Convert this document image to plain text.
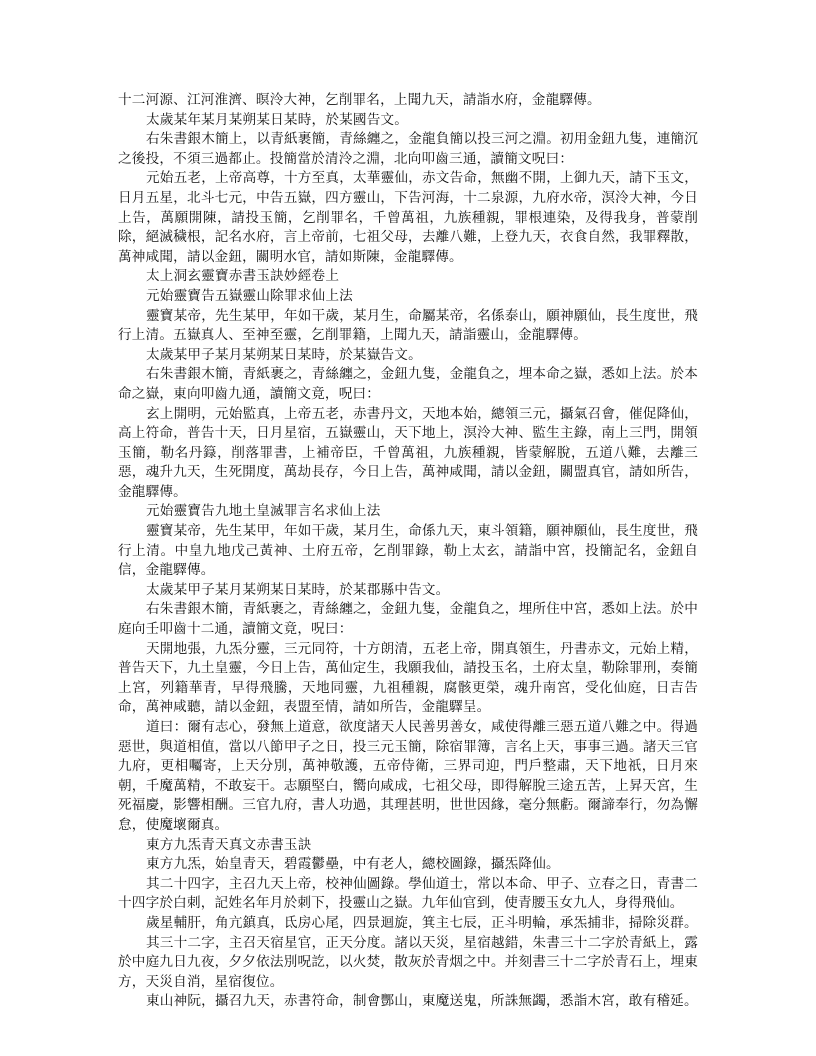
十二河源、江河淮濟、暝泠大神，乞削罪名，上聞九天，請詣水府，金龍驛傳。

太歲某年某月某朔某日某時，於某國告文。

右朱書銀木簡上，以青紙裹簡，青絲纏之，金龍負簡以投三河之淵。初用金鈕九隻，連簡沉之後投，不須三過都止。投簡當於清泠之淵，北向叩齒三通，讀簡文呪曰：

元始五老，上帝高尊，十方至真，太華靈仙，赤文告命，無幽不開，上御九天，請下玉文，日月五星，北斗七元，中告五嶽，四方靈山，下告河海，十二泉源，九府水帝，溟泠大神，今日上告，萬願開陳，請投玉簡，乞削罪名，千曾萬祖，九族種親，罪根連染，及得我身，普蒙削除，絕滅穢根，記名水府，言上帝前，七祖父母，去離八難，上登九天，衣食自然，我罪釋散，萬神咸聞，請以金鈕，關明水官，請如斯陳，金龍驛傳。

太上洞玄靈寶赤書玉訣妙經卷上

元始靈寶告五嶽靈山除罪求仙上法

靈寶某帝，先生某甲，年如干歲，某月生，命屬某帝，名係泰山，願神願仙，長生度世，飛行上清。五嶽真人、至神至靈，乞削罪籍，上聞九天，請詣靈山，金龍驛傳。

太歲某甲子某月某朔某日某時，於某嶽告文。

右朱書銀木簡，青紙裹之，青絲纏之，金鈕九隻，金龍負之，埋本命之嶽，悉如上法。於本命之嶽，東向叩齒九通，讀簡文竟，呪曰：

玄上開明，元始監真，上帝五老，赤書丹文，天地本始，總領三元，攝氣召會，催促降仙，高上符命，普告十天，日月星宿，五嶽靈山，天下地上，溟泠大神、監生主錄，南上三門，開領玉簡，勒名丹籙，削落罪書，上補帝臣，千曾萬祖，九族種親，皆蒙解脫，五道八難，去離三惡，魂升九天，生死開度，萬劫長存，今日上告，萬神咸聞，請以金鈕，關盟真官，請如所告，金龍驛傳。

元始靈寶告九地土皇滅罪言名求仙上法

靈寶某帝，先生某甲，年如干歲，某月生，命係九天，東斗領籍，願神願仙，長生度世，飛行上清。中皇九地戊己黃神、土府五帝，乞削罪錄，勒上太玄，請詣中宮，投簡記名，金鈕自信，金龍驛傳。

太歲某甲子某月某朔某日某時，於某郡縣中告文。

右朱書銀木簡，青紙裹之，青絲纏之，金鈕九隻，金龍負之，埋所住中宮，悉如上法。於中庭向壬叩齒十二通，讀簡文竟，呪曰：

天開地張，九炁分靈，三元同符，十方朗清，五老上帝，開真領生，丹書赤文，元始上精，普告天下，九土皇靈，今日上告，萬仙定生，我願我仙，請投玉名，土府太皇，勒除罪刑，奏簡上宮，列籍華青，早得飛騰，天地同靈，九祖種親，腐骸更榮，魂升南宮，受化仙庭，日吉告命，萬神咸聽，請以金鈕，表盟至情，請如所告，金龍驛呈。

道曰：爾有志心，發無上道意，欲度諸天人民善男善女，咸使得離三惡五道八難之中。得過惡世，與道相值，當以八節甲子之日，投三元玉簡，除宿罪簿，言名上天，事事三過。諸天三官九府，更相囑寄，上天分別，萬神敬護，五帝侍衛，三界司迎，門戶整肅，天下地祇，日月來朝，千魔萬精，不敢妄干。志願堅白，嚮向咸成，七祖父母，即得解脫三途五苦，上昇天宮，生死福慶，影響相酬。三官九府，書人功過，其理甚明，世世因緣，毫分無虧。爾諦奉行，勿為懈怠，使魔壞爾真。

東方九炁青天真文赤書玉訣

東方九炁，始皇青天，碧霞鬱壘，中有老人，總校圖錄，攝炁降仙。

其二十四字，主召九天上帝，校神仙圖錄。學仙道士，常以本命、甲子、立春之日，青書二十四字於白刺，記姓名年月於刺下，投靈山之嶽。九年仙官到，使青腰玉女九人，身得飛仙。

歲星輔肝，角亢鎮真，氐房心尾，四景迴旋，箕主七辰，正斗明輪，承炁捕非，掃除災群。

其三十二字，主召天宿星官，正天分度。諸以天災，星宿越錯，朱書三十二字於青紙上，露於中庭九日九夜，夕夕依法別呪訖，以火焚，散灰於青烟之中。并刻書三十二字於青石上，埋東方，天災自消，星宿復位。

東山神阮，攝召九天，赤書符命，制會酆山，東魔送鬼，所誅無蠲，悉詣木宮，敢有稽延。
